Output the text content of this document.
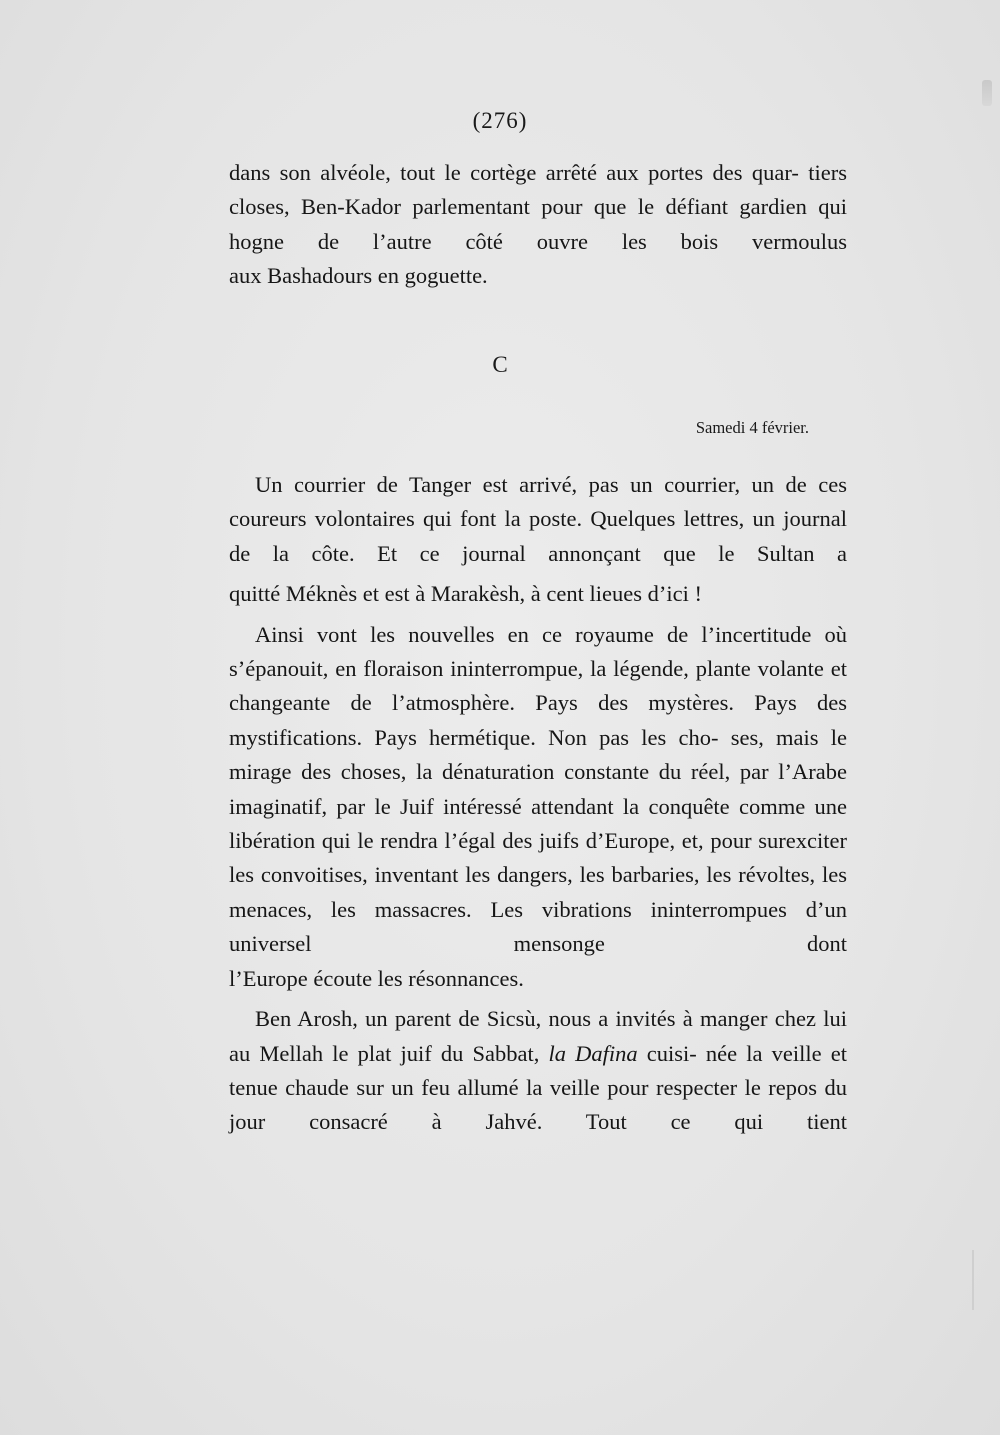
(276)

dans son alvéole, tout le cortège arrêté aux portes des quar- tiers closes, Ben-Kador parlementant pour que le défiant gardien qui hogne de l’autre côté ouvre les bois vermoulus

aux Bashadours en goguette.

C
Samedi 4 février.

Un courrier de Tanger est arrivé, pas un courrier, un de ces coureurs volontaires qui font la poste. Quelques lettres, un journal de la côte. Et ce journal annonçant que le Sultan a

quitté Méknès et est à Marakèsh, à cent lieues d’ici !

Ainsi vont les nouvelles en ce royaume de l’incertitude où s’épanouit, en floraison ininterrompue, la légende, plante volante et changeante de l’atmosphère. Pays des mystères. Pays des mystifications. Pays hermétique. Non pas les cho- ses, mais le mirage des choses, la dénaturation constante du réel, par l’Arabe imaginatif, par le Juif intéressé attendant la conquête comme une libération qui le rendra l’égal des juifs d’Europe, et, pour surexciter les convoitises, inventant les dangers, les barbaries, les révoltes, les menaces, les massacres. Les vibrations ininterrompues d’un universel mensonge dont

l’Europe écoute les résonnances.

Ben Arosh, un parent de Sicsù, nous a invités à manger chez lui au Mellah le plat juif du Sabbat, la Dafina cuisi- née la veille et tenue chaude sur un feu allumé la veille pour respecter le repos du jour consacré à Jahvé. Tout ce qui tient
